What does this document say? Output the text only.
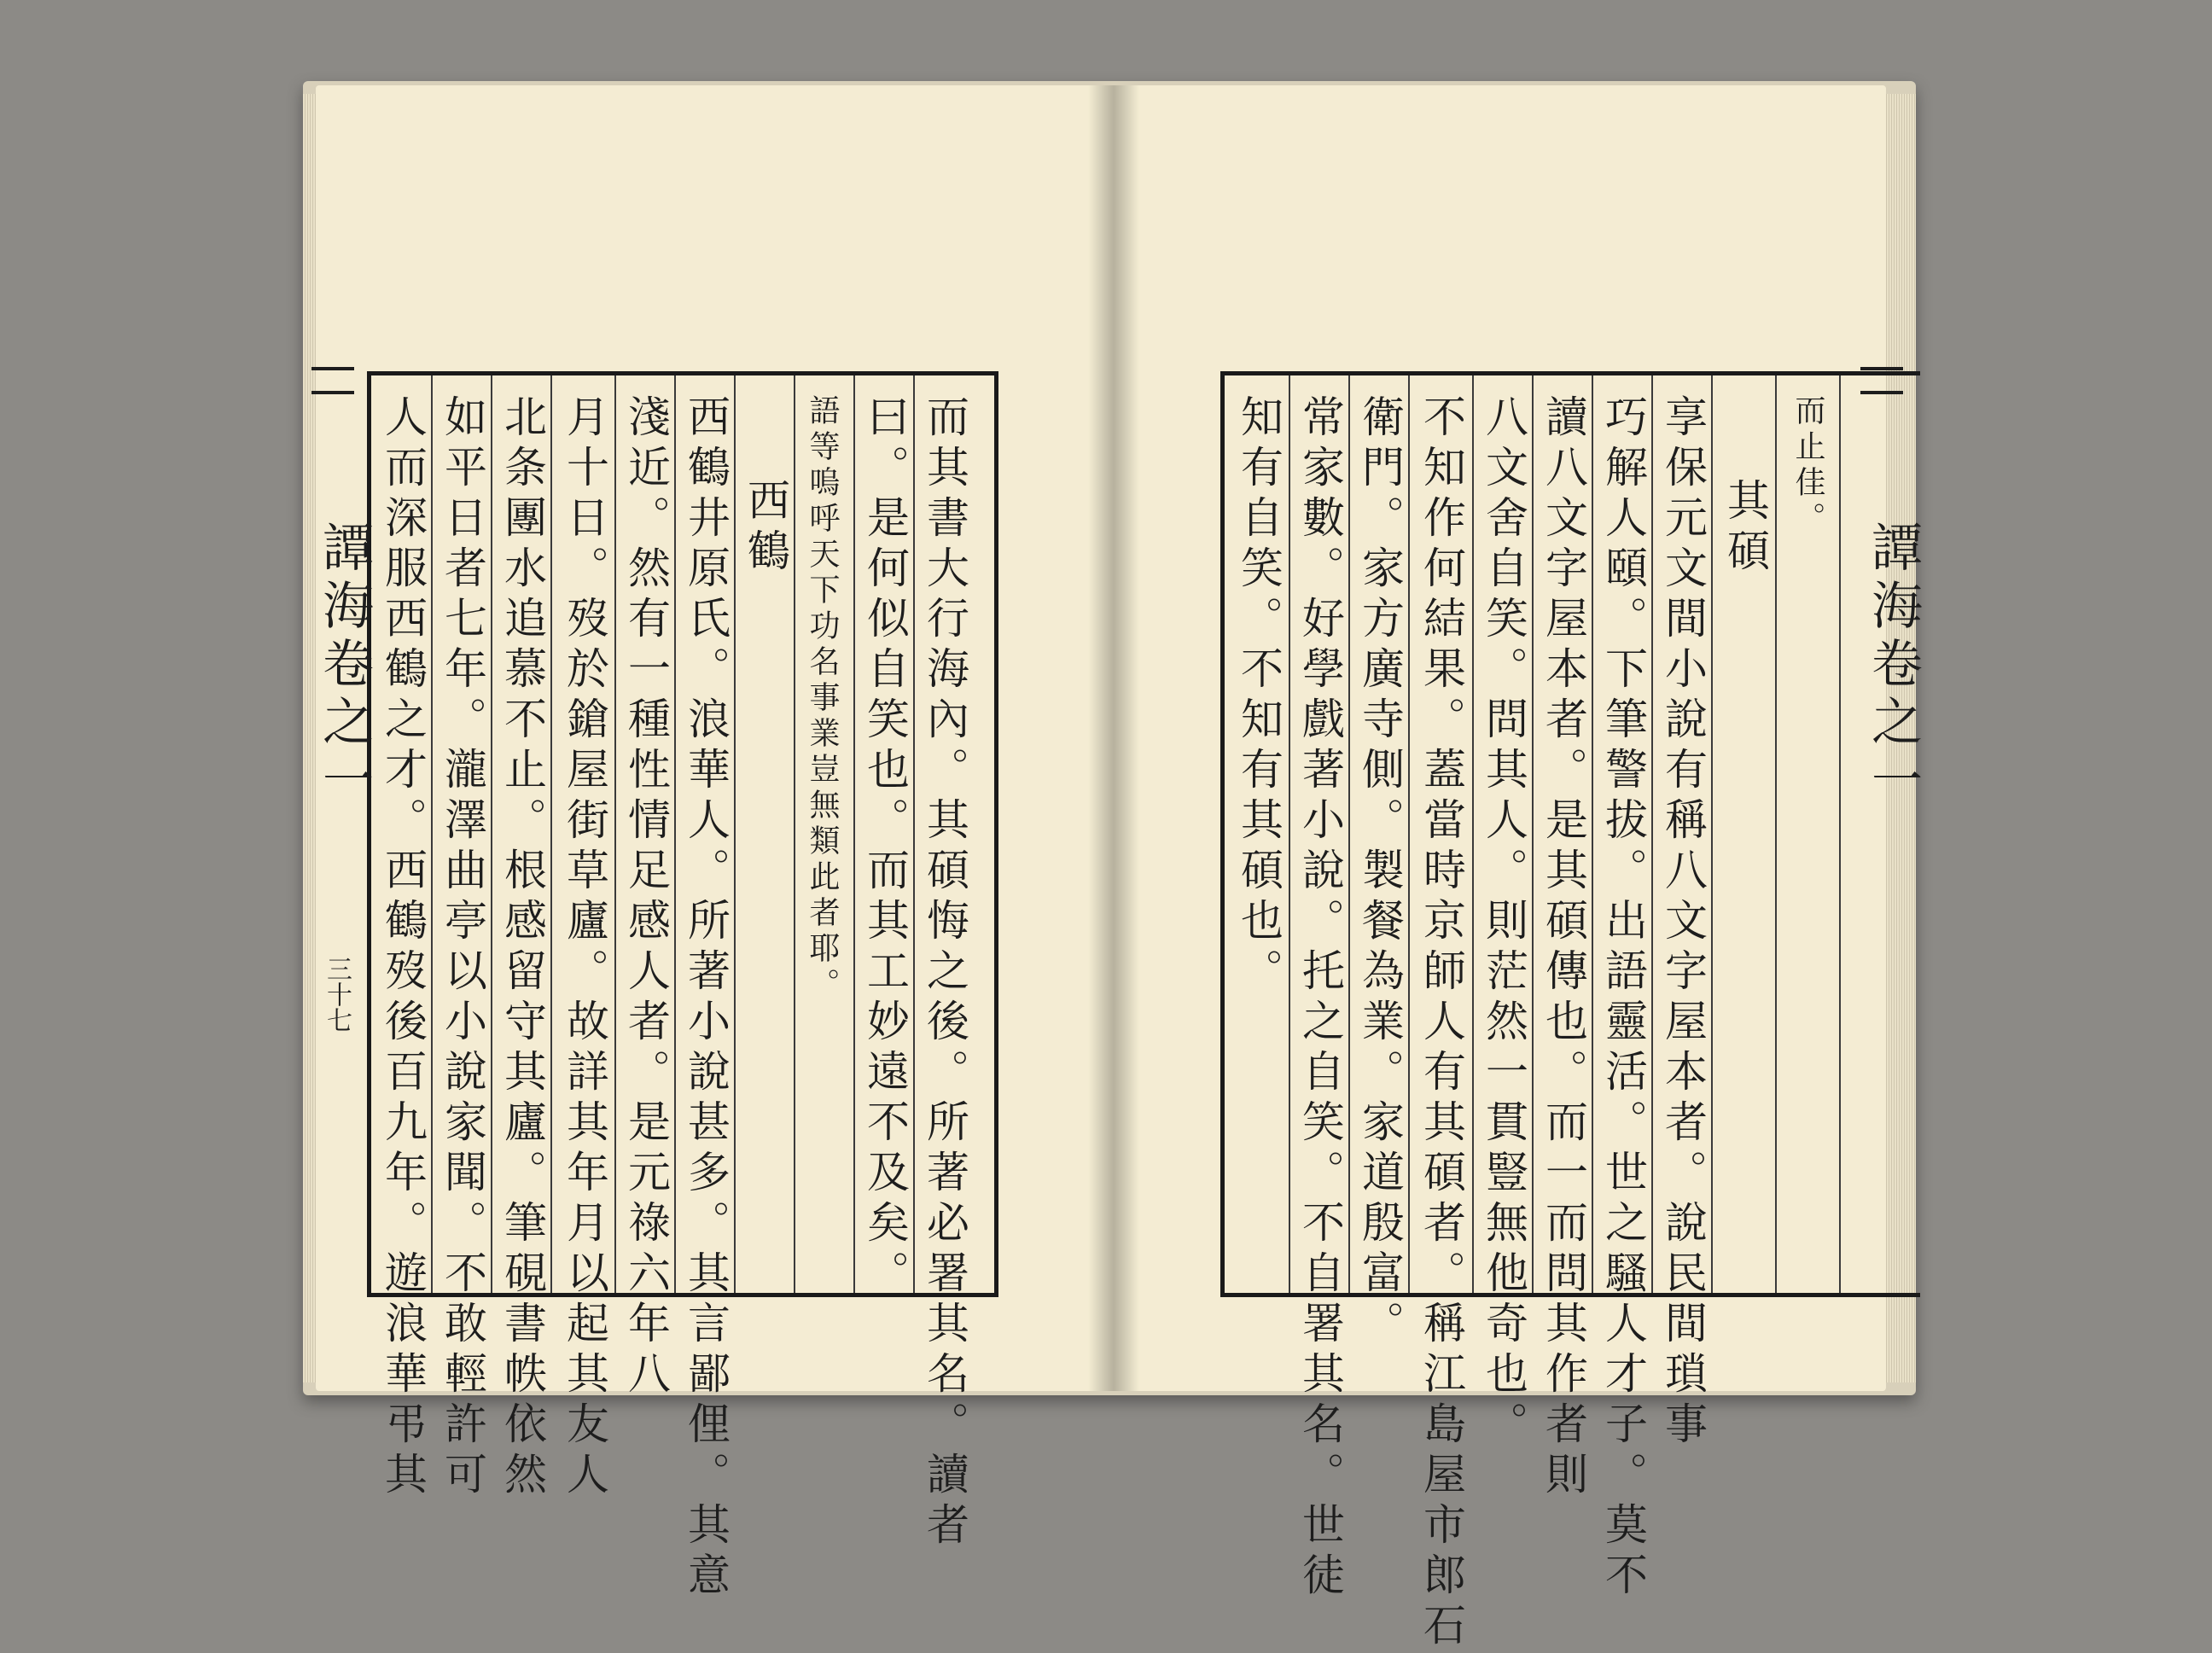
人而深服西鶴之才。西鶴歿後百九年。遊浪華弔其 如平日者七年。瀧澤曲亭以小說家聞。不敢輕許可 北条團水追慕不止。根感留守其廬。筆硯書帙依然 月十日。歿於鎗屋街草廬。故詳其年月以起其友人 淺近。然有一種性情足感人者。是元祿六年八 西鶴井原氏。浪華人。所著小說甚多。其言鄙俚。其意 西鶴 語等嗚呼天下功名事業豈無類此者耶。 曰。是何似自笑也。而其工妙遠不及矣。 而其書大行海內。其碩悔之後。所著必署其名。讀者
譚海卷之一
三十七	知有自笑。不知有其碩也。 常家數。好學戲著小說。托之自笑。不自署其名。世徒 衛門。家方廣寺側。製餐為業。家道殷富。 不知作何結果。蓋當時京師人有其碩者。稱江島屋市郎石 八文舍自笑。問其人。則茫然一貫豎無他奇也。 讀八文字屋本者。是其碩傳也。而一而問其作者則 巧解人頤。下筆警拔。出語靈活。世之騷人才子。莫不 享保元文間小說有稱八文字屋本者。說民間瑣事 其碩 而止佳。
譚海卷之一
